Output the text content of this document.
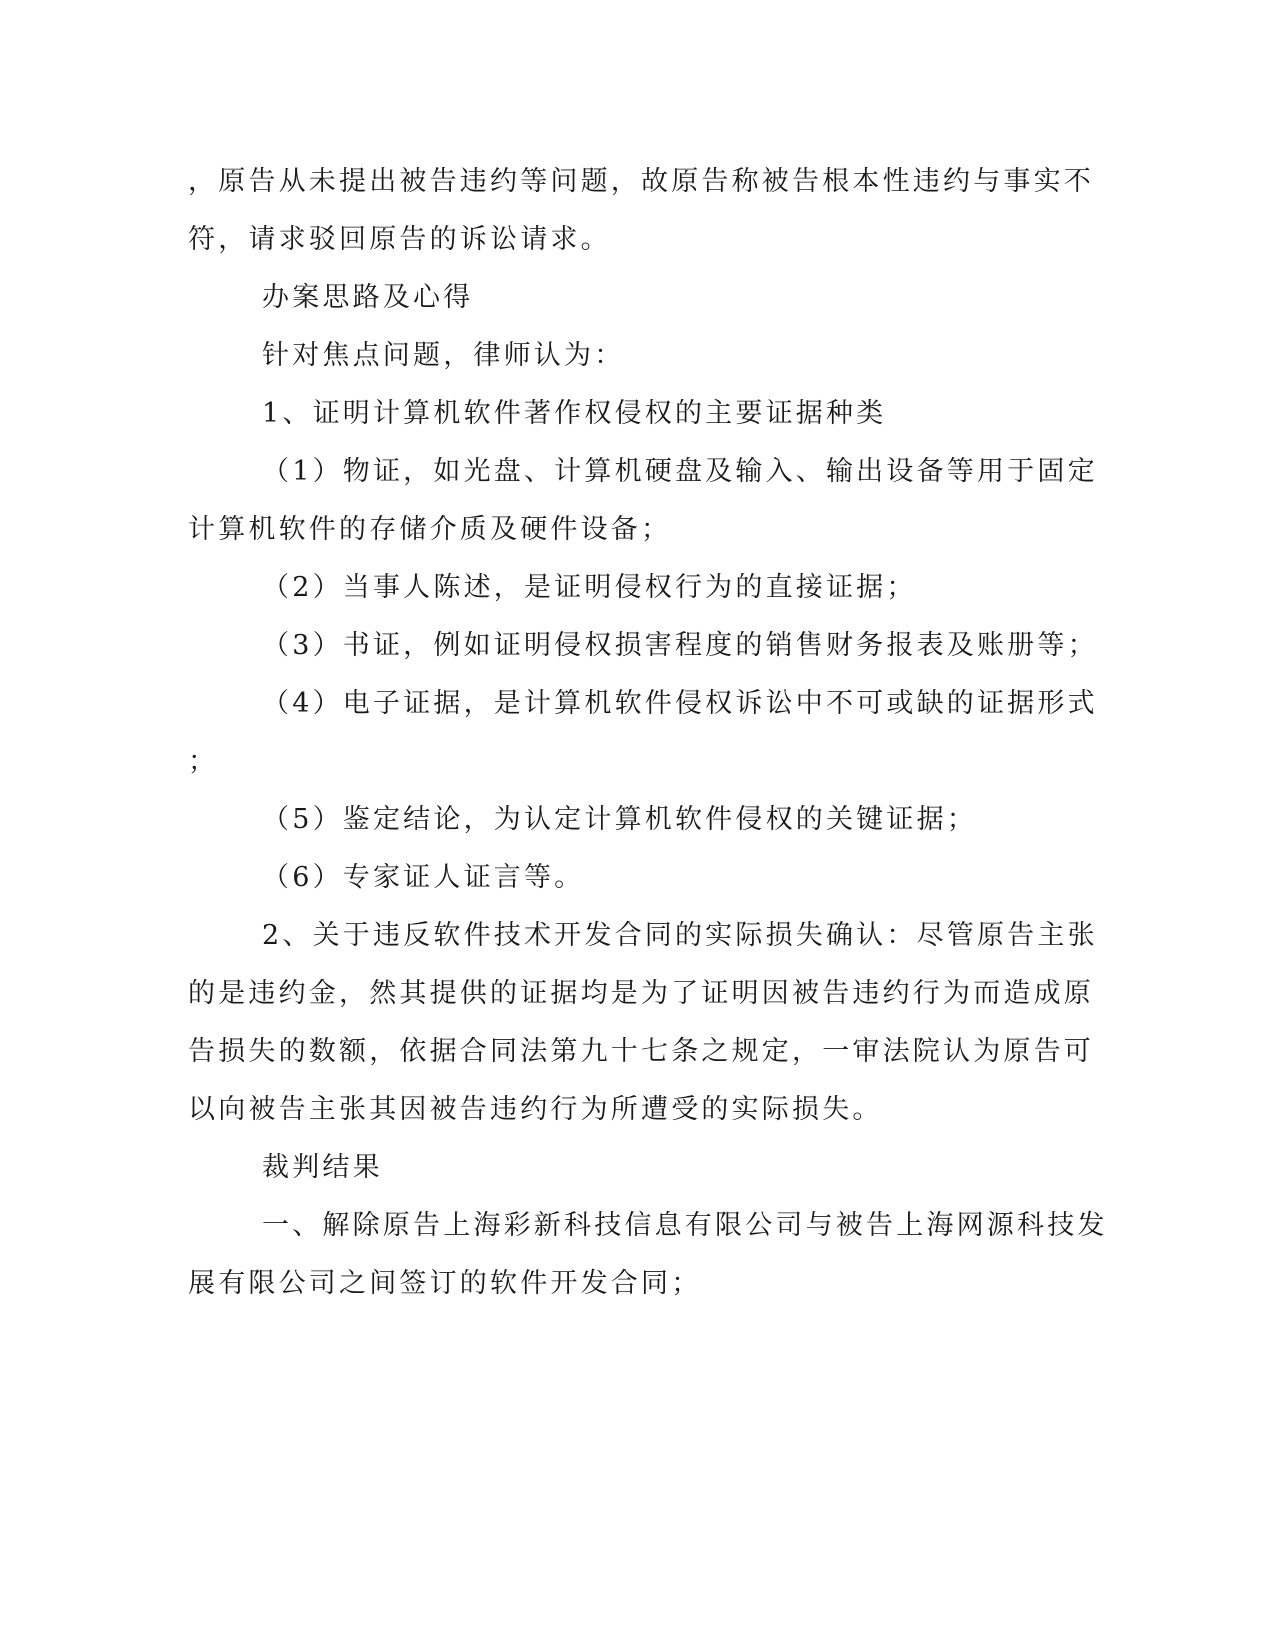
，原告从未提出被告违约等问题，故原告称被告根本性违约与事实不
符，请求驳回原告的诉讼请求。
办案思路及心得
针对焦点问题，律师认为：
1、证明计算机软件著作权侵权的主要证据种类
（1）物证，如光盘、计算机硬盘及输入、输出设备等用于固定
计算机软件的存储介质及硬件设备；
（2）当事人陈述，是证明侵权行为的直接证据；
（3）书证，例如证明侵权损害程度的销售财务报表及账册等；
（4）电子证据，是计算机软件侵权诉讼中不可或缺的证据形式
；
（5）鉴定结论，为认定计算机软件侵权的关键证据；
（6）专家证人证言等。
2、关于违反软件技术开发合同的实际损失确认：尽管原告主张
的是违约金，然其提供的证据均是为了证明因被告违约行为而造成原
告损失的数额，依据合同法第九十七条之规定，一审法院认为原告可
以向被告主张其因被告违约行为所遭受的实际损失。
裁判结果
一、解除原告上海彩新科技信息有限公司与被告上海网源科技发
展有限公司之间签订的软件开发合同；
